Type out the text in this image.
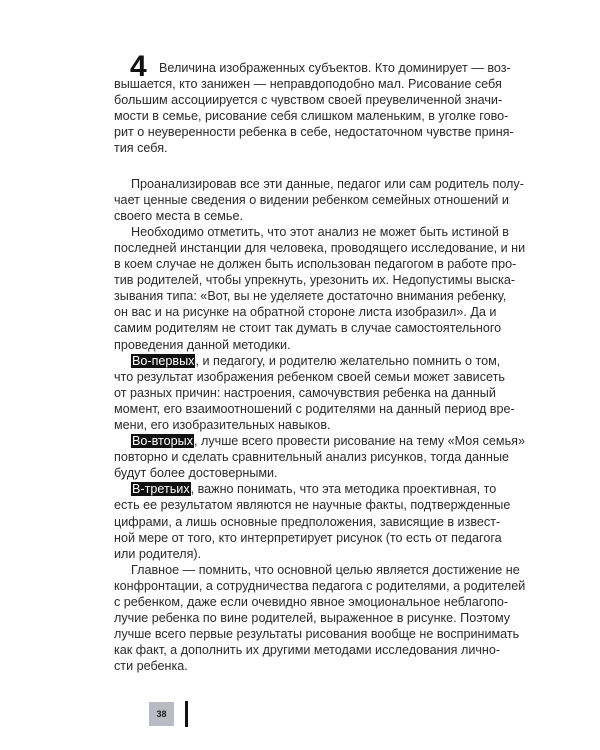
4 Величина изображенных субъектов. Кто доминирует — воз-
вышается, кто занижен — неправдоподобно мал. Рисование себя
большим ассоциируется с чувством своей преувеличенной значи-
мости в семье, рисование себя слишком маленьким, в уголке гово-
рит о неуверенности ребенка в себе, недостаточном чувстве приня-
тия себя.
Проанализировав все эти данные, педагог или сам родитель полу-
чает ценные сведения о видении ребенком семейных отношений и
своего места в семье.
Необходимо отметить, что этот анализ не может быть истиной в
последней инстанции для человека, проводящего исследование, и ни
в коем случае не должен быть использован педагогом в работе про-
тив родителей, чтобы упрекнуть, урезонить их. Недопустимы выска-
зывания типа: «Вот, вы не уделяете достаточно внимания ребенку,
он вас и на рисунке на обратной стороне листа изобразил». Да и
самим родителям не стоит так думать в случае самостоятельного
проведения данной методики.
Во-первых, и педагогу, и родителю желательно помнить о том,
что результат изображения ребенком своей семьи может зависеть
от разных причин: настроения, самочувствия ребенка на данный
момент, его взаимоотношений с родителями на данный период вре-
мени, его изобразительных навыков.
Во-вторых, лучше всего провести рисование на тему «Моя семья»
повторно и сделать сравнительный анализ рисунков, тогда данные
будут более достоверными.
В-третьих, важно понимать, что эта методика проективная, то
есть ее результатом являются не научные факты, подтвержденные
цифрами, а лишь основные предположения, зависящие в извест-
ной мере от того, кто интерпретирует рисунок (то есть от педагога
или родителя).
Главное — помнить, что основной целью является достижение не
конфронтации, а сотрудничества педагога с родителями, а родителей
с ребенком, даже если очевидно явное эмоциональное неблагопо-
лучие ребенка по вине родителей, выраженное в рисунке. Поэтому
лучше всего первые результаты рисования вообще не воспринимать
как факт, а дополнить их другими методами исследования лично-
сти ребенка.
38
